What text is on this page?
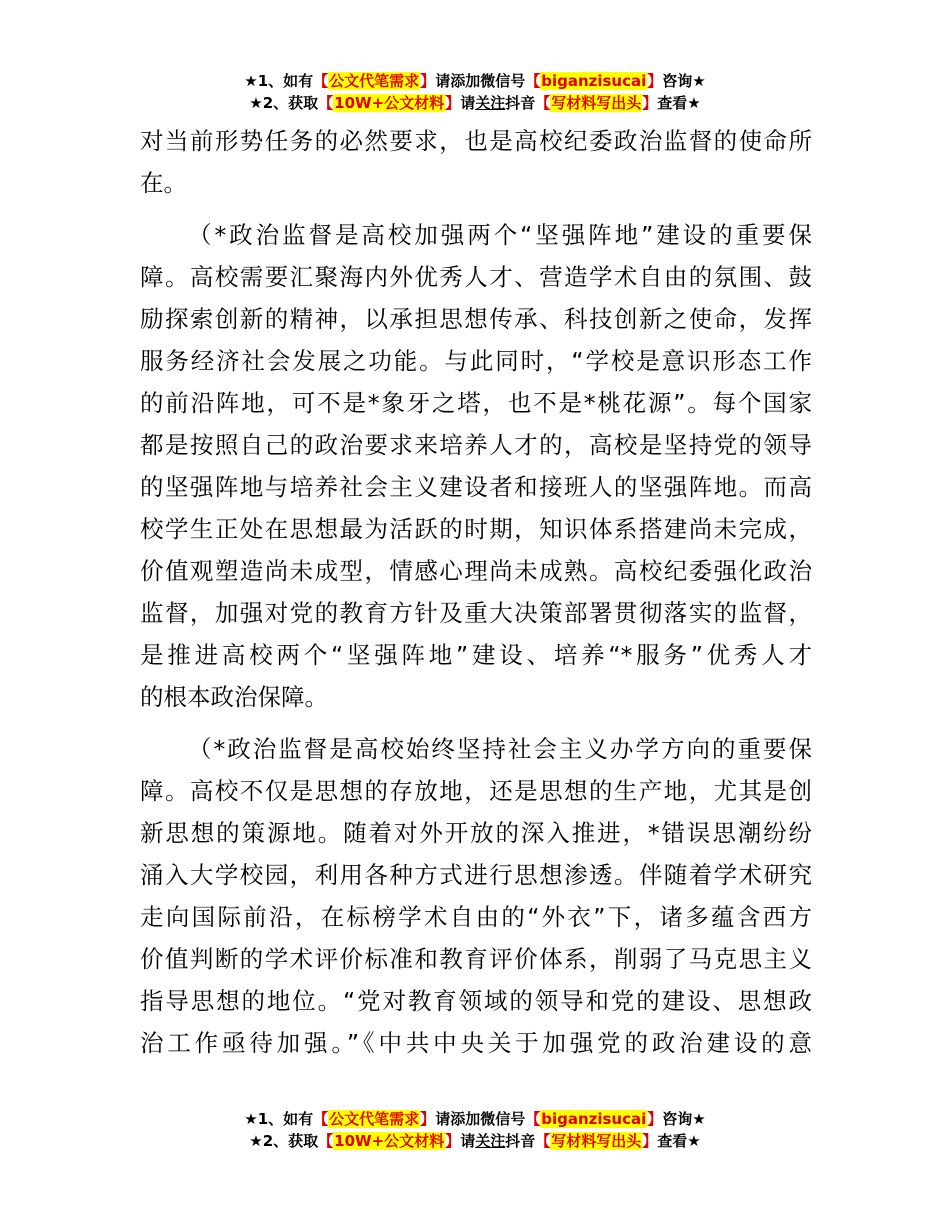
★1、如有【公文代笔需求】请添加微信号【biganzisucai】咨询★
★2、获取【10W+公文材料】请关注抖音【写材料写出头】查看★

对当前形势任务的必然要求，也是高校纪委政治监督的使命所
在。

（*政治监督是高校加强两个“坚强阵地”建设的重要保
障。高校需要汇聚海内外优秀人才、营造学术自由的氛围、鼓
励探索创新的精神，以承担思想传承、科技创新之使命，发挥
服务经济社会发展之功能。与此同时，“学校是意识形态工作
的前沿阵地，可不是*象牙之塔，也不是*桃花源”。每个国家
都是按照自己的政治要求来培养人才的，高校是坚持党的领导
的坚强阵地与培养社会主义建设者和接班人的坚强阵地。而高
校学生正处在思想最为活跃的时期，知识体系搭建尚未完成，
价值观塑造尚未成型，情感心理尚未成熟。高校纪委强化政治
监督，加强对党的教育方针及重大决策部署贯彻落实的监督，
是推进高校两个“坚强阵地”建设、培养“*服务”优秀人才
的根本政治保障。

（*政治监督是高校始终坚持社会主义办学方向的重要保
障。高校不仅是思想的存放地，还是思想的生产地，尤其是创
新思想的策源地。随着对外开放的深入推进，*错误思潮纷纷
涌入大学校园，利用各种方式进行思想渗透。伴随着学术研究
走向国际前沿，在标榜学术自由的“外衣”下，诸多蕴含西方
价值判断的学术评价标准和教育评价体系，削弱了马克思主义
指导思想的地位。“党对教育领域的领导和党的建设、思想政
治工作亟待加强。”《中共中央关于加强党的政治建设的意

★1、如有【公文代笔需求】请添加微信号【biganzisucai】咨询★
★2、获取【10W+公文材料】请关注抖音【写材料写出头】查看★
